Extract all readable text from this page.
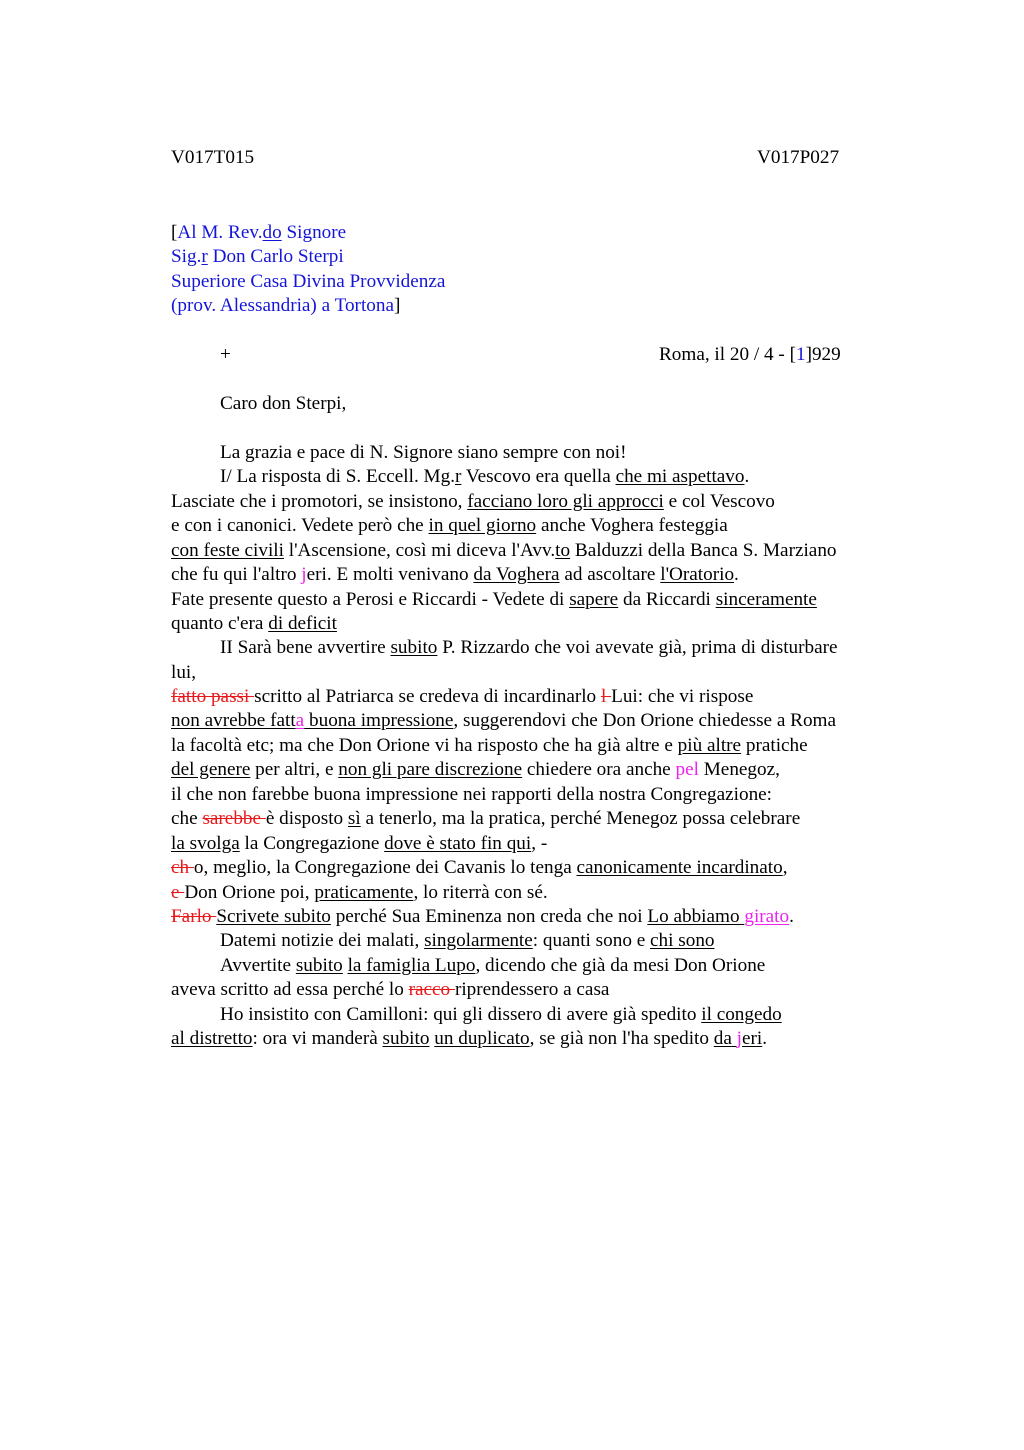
V017T015	V017P027
[Al M. Rev.do Signore
Sig.r Don Carlo Sterpi
Superiore Casa Divina Provvidenza
(prov. Alessandria) a Tortona]
+	Roma, il 20 / 4 - [1]929
Caro don Sterpi,
La grazia e pace di N. Signore siano sempre con noi!
I/ La risposta di S. Eccell. Mg.r Vescovo era quella che mi aspettavo.
Lasciate che i promotori, se insistono, facciano loro gli approcci e col Vescovo
e con i canonici. Vedete però che in quel giorno anche Voghera festeggia
con feste civili l'Ascensione, così mi diceva l'Avv.to Balduzzi della Banca S. Marziano
che fu qui l'altro jeri. E molti venivano da Voghera ad ascoltare l'Oratorio.
Fate presente questo a Perosi e Riccardi - Vedete di sapere da Riccardi sinceramente
quanto c'era di deficit
II Sarà bene avvertire subito P. Rizzardo che voi avevate già, prima di disturbare
lui,
fatto passi scritto al Patriarca se credeva di incardinarlo l Lui: che vi rispose
non avrebbe fatta buona impressione, suggerendovi che Don Orione chiedesse a Roma
la facoltà etc; ma che Don Orione vi ha risposto che ha già altre e più altre pratiche
del genere per altri, e non gli pare discrezione chiedere ora anche pel Menegoz,
il che non farebbe buona impressione nei rapporti della nostra Congregazione:
che sarebbe è disposto sì a tenerlo, ma la pratica, perché Menegoz possa celebrare
la svolga la Congregazione dove è stato fin qui, -
ch o, meglio, la Congregazione dei Cavanis lo tenga canonicamente incardinato,
e Don Orione poi, praticamente, lo riterrà con sé.
Farlo Scrivete subito perché Sua Eminenza non creda che noi Lo abbiamo girato.
Datemi notizie dei malati, singolarmente: quanti sono e chi sono
Avvertite subito la famiglia Lupo, dicendo che già da mesi Don Orione
aveva scritto ad essa perché lo racco riprendessero a casa
Ho insistito con Camilloni: qui gli dissero di avere già spedito il congedo
al distretto: ora vi manderà subito un duplicato, se già non l'ha spedito da jeri.
